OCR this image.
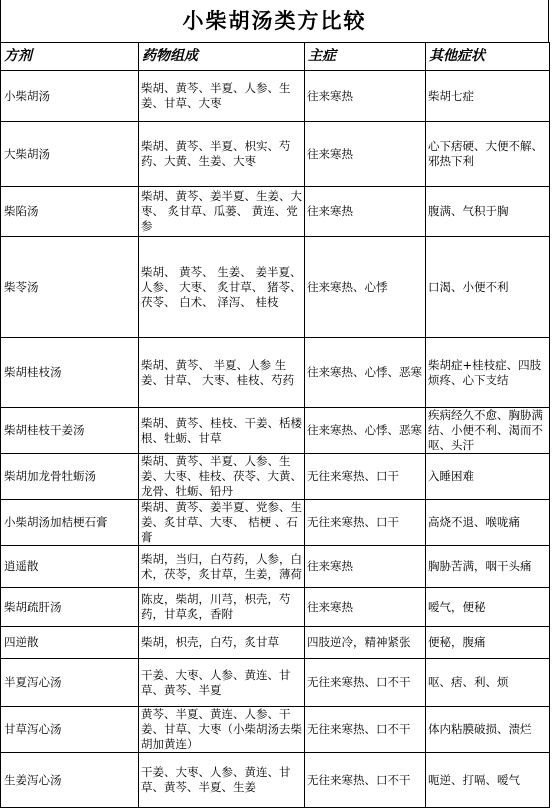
小柴胡汤类方比较
方剂	药物组成	主症	其他症状
小柴胡汤	柴胡、黄芩、半夏、人参、生姜、甘草、大枣	往来寒热	柴胡七症
大柴胡汤	柴胡、黄芩、半夏、枳实、芍药、大黄、生姜、大枣	往来寒热	心下痞硬、大便不解、邪热下利
柴陷汤	柴胡、黄芩、姜半夏、生姜、大枣、 炙甘草、瓜蒌、 黄连、党参	往来寒热	腹满、气积于胸
柴苓汤	柴胡、 黄芩、 生姜、 姜半夏、 人参、 大枣、 炙甘草、 猪苓、 茯苓、 白术、 泽泻、 桂枝	往来寒热、心悸	口渴、小便不利
柴胡桂枝汤	柴胡、黄芩、 半夏、人参 生姜、甘草、 大枣、桂枝、芍药	往来寒热、心悸、恶寒	柴胡症+桂枝症、四肢烦疼、心下支结
柴胡桂枝干姜汤	柴胡、黄芩、桂枝、干姜、栝楼根、牡蛎、甘草	往来寒热、心悸、恶寒	疾病经久不愈、胸胁满结、小便不利、渴而不呕、头汗
柴胡加龙骨牡蛎汤	柴胡、黄芩、半夏、人参、生姜、大枣、桂枝、茯苓、大黄、龙骨、牡蛎、铅丹	无往来寒热、口干	入睡困难
小柴胡汤加桔梗石膏	柴胡、黄芩、姜半夏、党参、生姜、炙甘草、大枣、 桔梗 、石膏	无往来寒热、口干	高烧不退、喉咙痛
逍遥散	柴胡，当归，白芍药，人参，白术，茯苓，炙甘草，生姜，薄荷	往来寒热	胸胁苦满，咽干头痛
柴胡疏肝汤	陈皮，柴胡，川芎，枳壳，芍药，甘草炙，香附	往来寒热	嗳气，便秘
四逆散	柴胡，枳壳，白芍，炙甘草	四肢逆冷，精神紧张	便秘，腹痛
半夏泻心汤	干姜、大枣、人参、黄连、甘草、黄芩、半夏	无往来寒热、口不干	呕、痞、利、烦
甘草泻心汤	黄芩、半夏、黄连、人参、干姜、甘草、大枣（小柴胡汤去柴胡加黄连）	无往来寒热、口不干	体内粘膜破损、溃烂
生姜泻心汤	干姜、大枣、人参、黄连、甘草、黄芩、半夏、生姜	无往来寒热、口不干	呃逆、打嗝、嗳气
